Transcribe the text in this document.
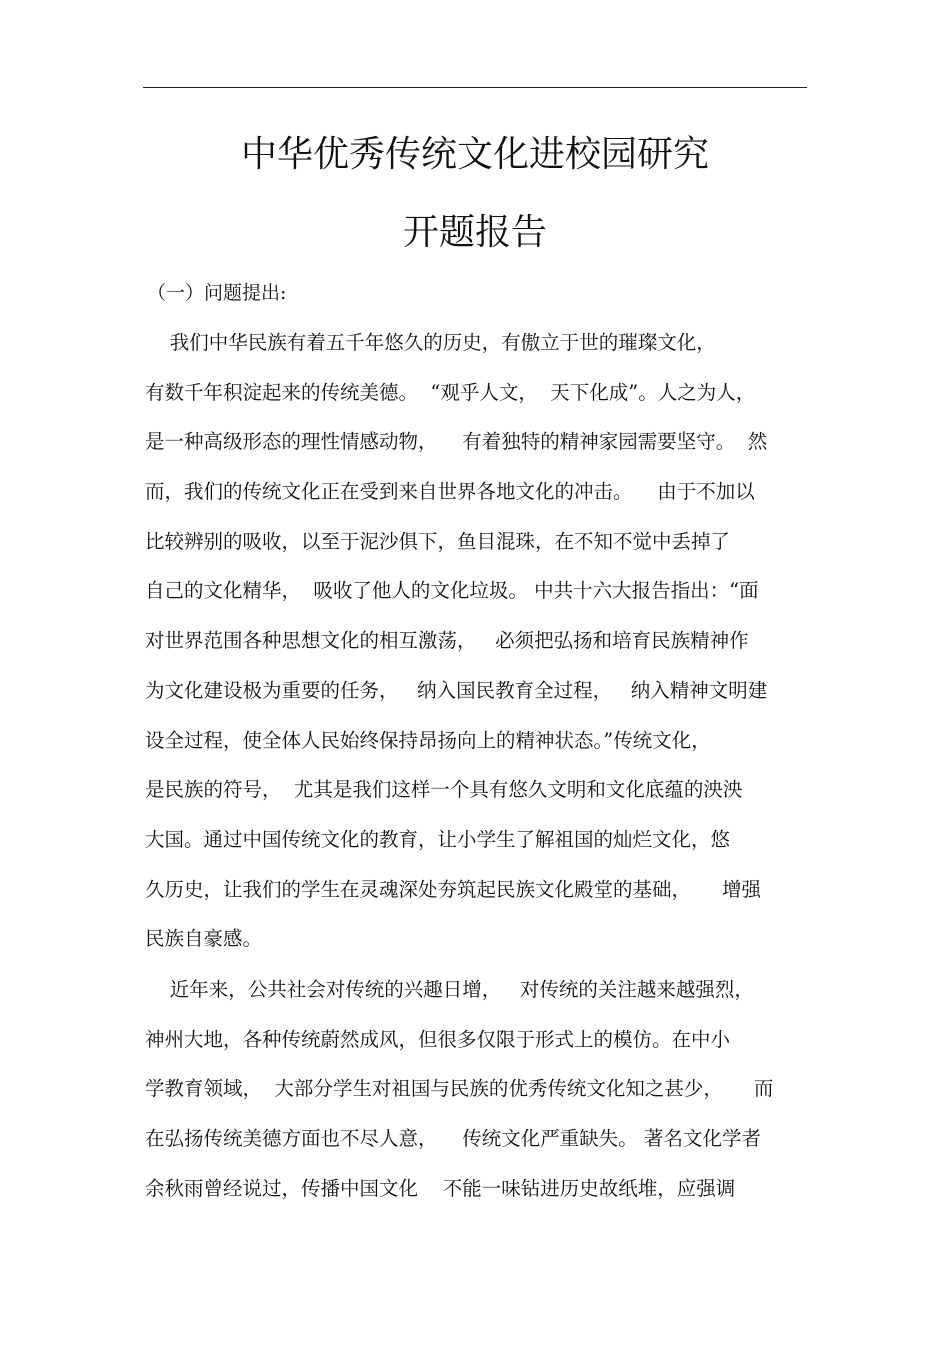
中华优秀传统文化进校园研究
开题报告

（一）问题提出:

我们中华民族有着五千年悠久的历史，有傲立于世的璀璨文化，
有数千年积淀起来的传统美德。  “观乎人文，  天下化成”。人之为人，
是一种高级形态的理性情感动物，    有着独特的精神家园需要坚守。  然
而，我们的传统文化正在受到来自世界各地文化的冲击。    由于不加以
比较辨别的吸收，以至于泥沙俱下，鱼目混珠，在不知不觉中丢掉了
自己的文化精华，  吸收了他人的文化垃圾。 中共十六大报告指出：“面
对世界范围各种思想文化的相互激荡，   必须把弘扬和培育民族精神作
为文化建设极为重要的任务，   纳入国民教育全过程，   纳入精神文明建
设全过程，使全体人民始终保持昂扬向上的精神状态。”传统文化，
是民族的符号，  尤其是我们这样一个具有悠久文明和文化底蕴的泱泱
大国。通过中国传统文化的教育，让小学生了解祖国的灿烂文化，悠
久历史，让我们的学生在灵魂深处夯筑起民族文化殿堂的基础，     增强
民族自豪感。
近年来，公共社会对传统的兴趣日增，   对传统的关注越来越强烈，
神州大地，各种传统蔚然成风，但很多仅限于形式上的模仿。在中小
学教育领域，  大部分学生对祖国与民族的优秀传统文化知之甚少，     而
在弘扬传统美德方面也不尽人意，    传统文化严重缺失。 著名文化学者
余秋雨曾经说过，传播中国文化    不能一味钻进历史故纸堆，应强调
